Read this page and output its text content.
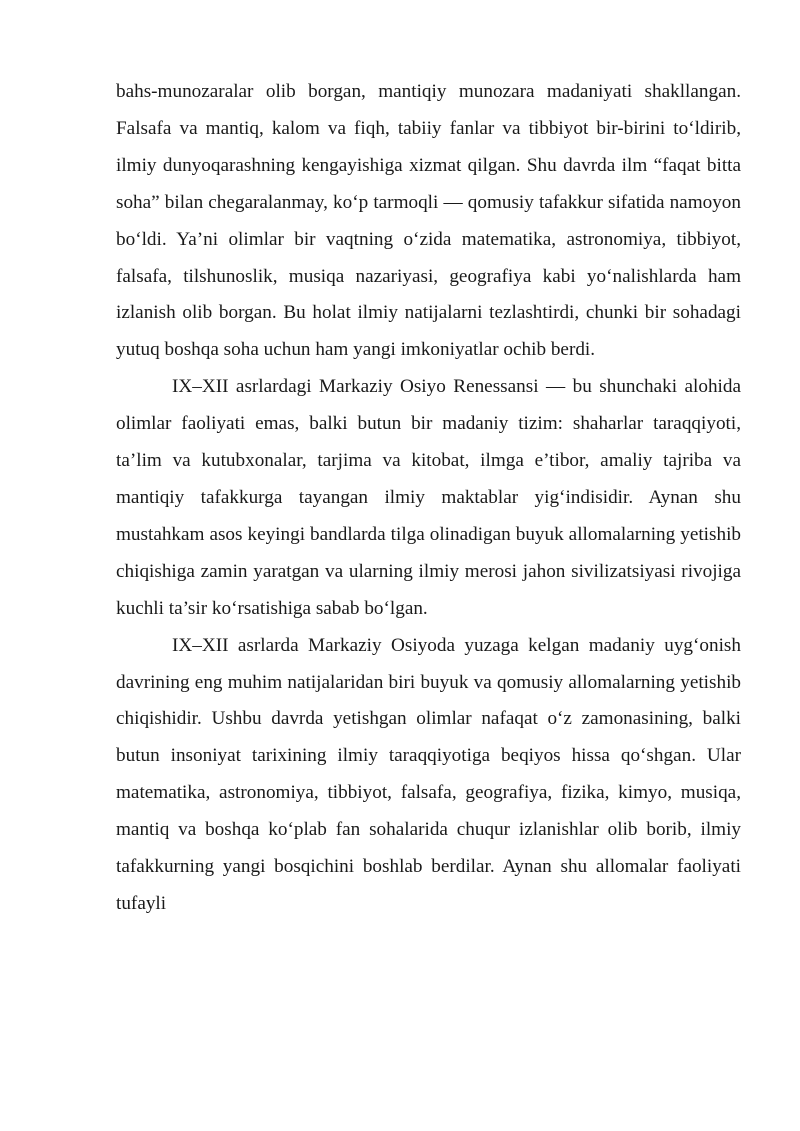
bahs-munozaralar olib borgan, mantiqiy munozara madaniyati shakllangan. Falsafa va mantiq, kalom va fiqh, tabiiy fanlar va tibbiyot bir-birini to‘ldirib, ilmiy dunyoqarashning kengayishiga xizmat qilgan. Shu davrda ilm “faqat bitta soha” bilan chegaralanmay, ko‘p tarmoqli — qomusiy tafakkur sifatida namoyon bo‘ldi. Ya’ni olimlar bir vaqtning o‘zida matematika, astronomiya, tibbiyot, falsafa, tilshunoslik, musiqa nazariyasi, geografiya kabi yo‘nalishlarda ham izlanish olib borgan. Bu holat ilmiy natijalarni tezlashtirdi, chunki bir sohadagi yutuq boshqa soha uchun ham yangi imkoniyatlar ochib berdi.

IX–XII asrlardagi Markaziy Osiyo Renessansi — bu shunchaki alohida olimlar faoliyati emas, balki butun bir madaniy tizim: shaharlar taraqqiyoti, ta’lim va kutubxonalar, tarjima va kitobat, ilmga e’tibor, amaliy tajriba va mantiqiy tafakkurga tayangan ilmiy maktablar yig‘indisidir. Aynan shu mustahkam asos keyingi bandlarda tilga olinadigan buyuk allomalarning yetishib chiqishiga zamin yaratgan va ularning ilmiy merosi jahon sivilizatsiyasi rivojiga kuchli ta’sir ko‘rsatishiga sabab bo‘lgan.

IX–XII asrlarda Markaziy Osiyoda yuzaga kelgan madaniy uyg‘onish davrining eng muhim natijalaridan biri buyuk va qomusiy allomalarning yetishib chiqishidir. Ushbu davrda yetishgan olimlar nafaqat o‘z zamonasining, balki butun insoniyat tarixining ilmiy taraqqiyotiga beqiyos hissa qo‘shgan. Ular matematika, astronomiya, tibbiyot, falsafa, geografiya, fizika, kimyo, musiqa, mantiq va boshqa ko‘plab fan sohalarida chuqur izlanishlar olib borib, ilmiy tafakkurning yangi bosqichini boshlab berdilar. Aynan shu allomalar faoliyati tufayli
